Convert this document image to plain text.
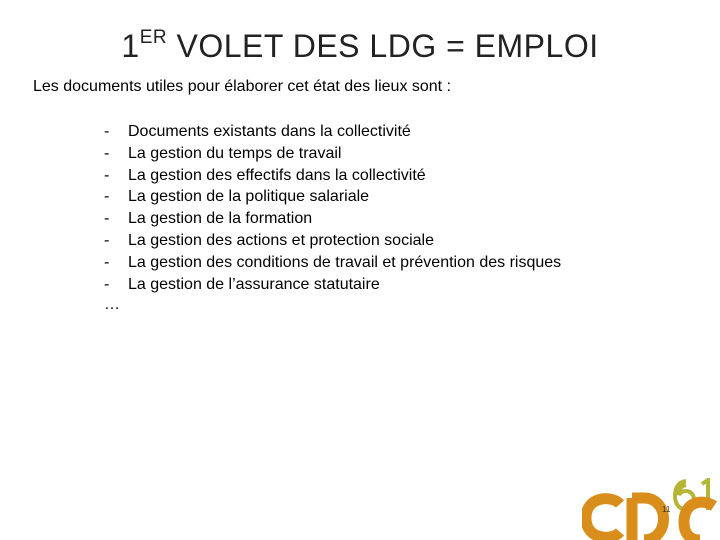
1ER VOLET DES LDG = EMPLOI
Les documents utiles pour élaborer cet état des lieux sont :
-	Documents existants dans la collectivité
-	La gestion du temps de travail
-	La gestion des effectifs dans la collectivité
-	La gestion de la politique salariale
-	La gestion de la formation
-	La gestion des actions et protection sociale
-	La gestion des conditions de travail et prévention des risques
-	La gestion de l’assurance statutaire
…
11
